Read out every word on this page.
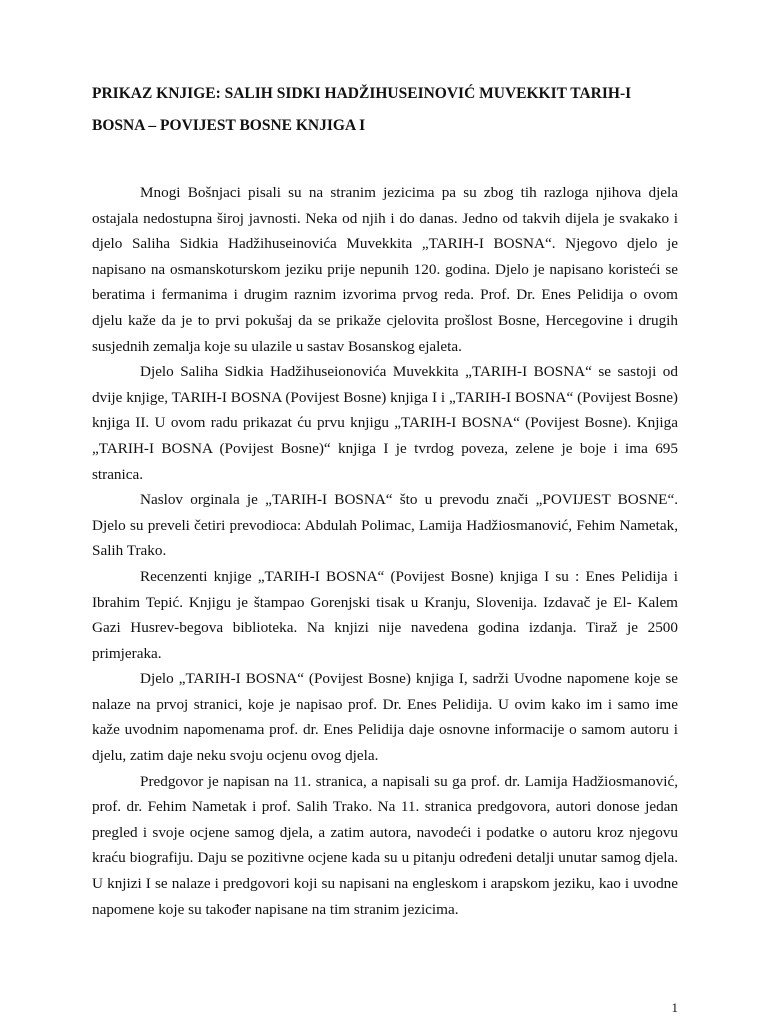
PRIKAZ KNJIGE: SALIH SIDKI HADŽIHUSEINOVIĆ MUVEKKIT TARIH-I BOSNA – POVIJEST BOSNE KNJIGA I

Mnogi Bošnjaci pisali su na stranim jezicima pa su zbog tih razloga njihova djela ostajala nedostupna široj javnosti. Neka od njih i do danas. Jedno od takvih dijela je svakako i djelo Saliha Sidkia Hadžihuseinovića Muvekkita „TARIH-I BOSNA“. Njegovo djelo je napisano na osmanskoturskom jeziku prije nepunih 120. godina. Djelo je napisano koristeći se beratima i fermanima i drugim raznim izvorima prvog reda. Prof. Dr. Enes Pelidija o ovom djelu kaže da je to prvi pokušaj da se prikaže cjelovita prošlost Bosne, Hercegovine i drugih susjednih zemalja koje su ulazile u sastav Bosanskog ejaleta.

Djelo Saliha Sidkia Hadžihuseionovića Muvekkita „TARIH-I BOSNA“ se sastoji od dvije knjige, TARIH-I BOSNA (Povijest Bosne) knjiga I i „TARIH-I BOSNA“ (Povijest Bosne) knjiga II. U ovom radu prikazat ću prvu knjigu „TARIH-I BOSNA“ (Povijest Bosne). Knjiga „TARIH-I BOSNA (Povijest Bosne)“ knjiga I je tvrdog poveza, zelene je boje i ima 695 stranica.

Naslov orginala je „TARIH-I BOSNA“ što u prevodu znači „POVIJEST BOSNE“. Djelo su preveli četiri prevodioca: Abdulah Polimac, Lamija Hadžiosmanović, Fehim Nametak, Salih Trako.

Recenzenti knjige „TARIH-I BOSNA“ (Povijest Bosne) knjiga I su : Enes Pelidija i Ibrahim Tepić. Knjigu je štampao Gorenjski tisak u Kranju, Slovenija. Izdavač je El- Kalem Gazi Husrev-begova biblioteka. Na knjizi nije navedena godina izdanja. Tiraž je 2500 primjeraka.

Djelo „TARIH-I BOSNA“ (Povijest Bosne) knjiga I, sadrži Uvodne napomene koje se nalaze na prvoj stranici, koje je napisao prof. Dr. Enes Pelidija. U ovim kako im i samo ime kaže uvodnim napomenama prof. dr. Enes Pelidija daje osnovne informacije o samom autoru i djelu, zatim daje neku svoju ocjenu ovog djela.

Predgovor je napisan na 11. stranica, a napisali su ga prof. dr. Lamija Hadžiosmanović, prof. dr. Fehim Nametak i prof. Salih Trako. Na 11. stranica predgovora, autori donose jedan pregled i svoje ocjene samog djela, a zatim autora, navodeći i podatke o autoru kroz njegovu kraću biografiju. Daju se pozitivne ocjene kada su u pitanju određeni detalji unutar samog djela. U knjizi I se nalaze i predgovori koji su napisani na engleskom i arapskom jeziku, kao i uvodne napomene koje su također napisane na tim stranim jezicima.

1
